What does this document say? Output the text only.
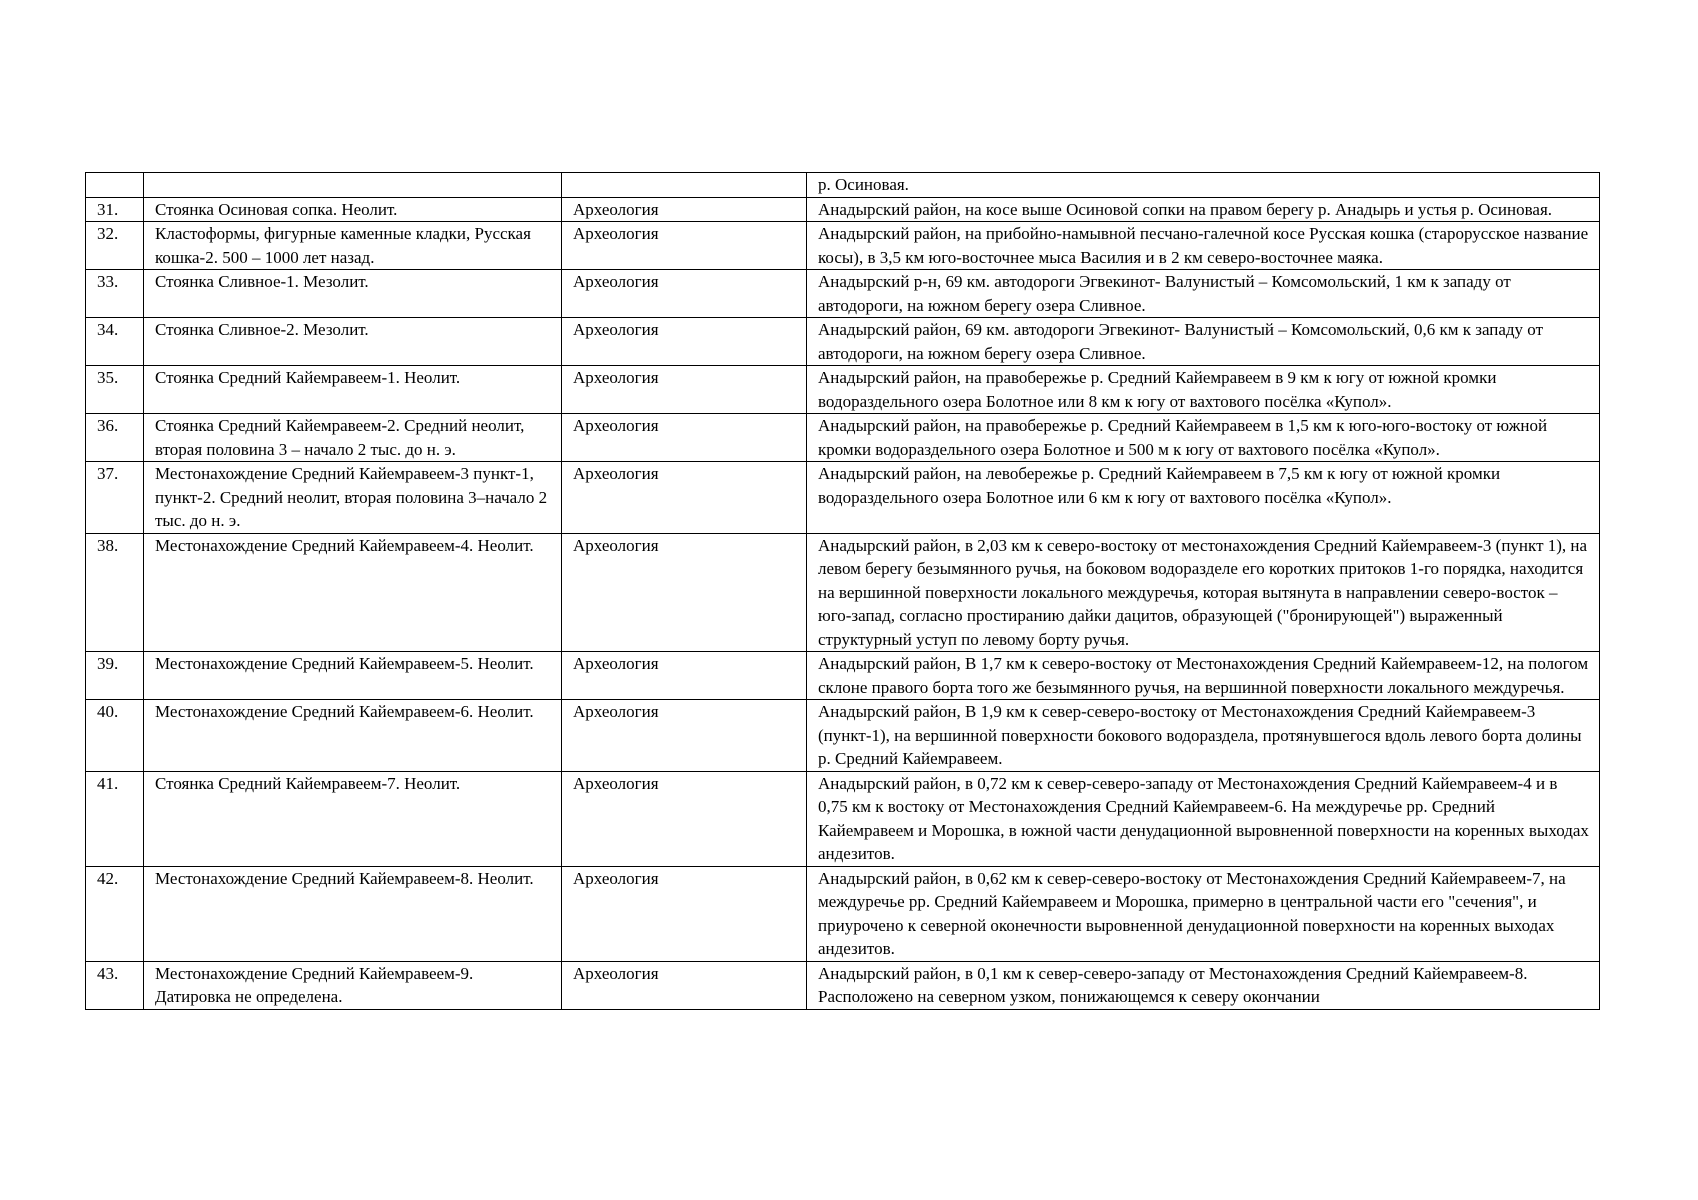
			р. Осиновая.
31.	Стоянка Осиновая сопка. Неолит.	Археология	Анадырский район, на косе выше Осиновой сопки на правом берегу р. Анадырь и устья р. Осиновая.
32.	Кластоформы, фигурные каменные кладки, Русская кошка-2. 500 – 1000 лет назад.	Археология	Анадырский район, на прибойно-намывной песчано-галечной косе Русская кошка (старорусское название косы), в 3,5 км юго-восточнее мыса Василия и в 2 км северо-восточнее маяка.
33.	Стоянка Сливное-1. Мезолит.	Археология	Анадырский р-н, 69 км. автодороги Эгвекинот- Валунистый – Комсомольский, 1 км к западу от автодороги, на южном берегу озера Сливное.
34.	Стоянка Сливное-2. Мезолит.	Археология	Анадырский район, 69 км. автодороги Эгвекинот- Валунистый – Комсомольский, 0,6 км к западу от автодороги, на южном берегу озера Сливное.
35.	Стоянка Средний Кайемравеем-1. Неолит.	Археология	Анадырский район, на правобережье р. Средний Кайемравеем в 9 км к югу от южной кромки водораздельного озера Болотное или 8 км к югу от вахтового посёлка «Купол».
36.	Стоянка Средний Кайемравеем-2. Средний неолит, вторая половина 3 – начало 2 тыс. до н. э.	Археология	Анадырский район, на правобережье р. Средний Кайемравеем в 1,5 км к юго-юго-востоку от южной кромки водораздельного озера Болотное и 500 м к югу от вахтового посёлка «Купол».
37.	Местонахождение Средний Кайемравеем-3 пункт-1, пункт-2. Средний неолит, вторая половина 3–начало 2 тыс. до н. э.	Археология	Анадырский район, на левобережье р. Средний Кайемравеем в 7,5 км к югу от южной кромки водораздельного озера Болотное или 6 км к югу от вахтового посёлка «Купол».
38.	Местонахождение Средний Кайемравеем-4. Неолит.	Археология	Анадырский район, в 2,03 км к северо-востоку от местонахождения Средний Кайемравеем-3 (пункт 1), на левом берегу безымянного ручья, на боковом водоразделе его коротких притоков 1-го порядка, находится на вершинной поверхности локального междуречья, которая вытянута в направлении северо-восток – юго-запад, согласно простиранию дайки дацитов, образующей ("бронирующей") выраженный структурный уступ по левому борту ручья.
39.	Местонахождение Средний Кайемравеем-5. Неолит.	Археология	Анадырский район, В 1,7 км к северо-востоку от Местонахождения Средний Кайемравеем-12, на пологом склоне правого борта того же безымянного ручья, на вершинной поверхности локального междуречья.
40.	Местонахождение Средний Кайемравеем-6. Неолит.	Археология	Анадырский район, В 1,9 км к север-северо-востоку от Местонахождения Средний Кайемравеем-3 (пункт-1), на вершинной поверхности бокового водораздела, протянувшегося вдоль левого борта долины р. Средний Кайемравеем.
41.	Стоянка Средний Кайемравеем-7. Неолит.	Археология	Анадырский район, в 0,72 км к север-северо-западу от Местонахождения Средний Кайемравеем-4 и в 0,75 км к востоку от Местонахождения Средний Кайемравеем-6. На междуречье рр. Средний Кайемравеем и Морошка, в южной части денудационной выровненной поверхности на коренных выходах андезитов.
42.	Местонахождение Средний Кайемравеем-8. Неолит.	Археология	Анадырский район, в 0,62 км к север-северо-востоку от Местонахождения Средний Кайемравеем-7, на междуречье рр. Средний Кайемравеем и Морошка, примерно в центральной части его "сечения", и приурочено к северной оконечности выровненной денудационной поверхности на коренных выходах андезитов.
43.	Местонахождение Средний Кайемравеем-9. Датировка не определена.	Археология	Анадырский район, в 0,1 км к север-северо-западу от Местонахождения Средний Кайемравеем-8. Расположено на северном узком, понижающемся к северу окончании
